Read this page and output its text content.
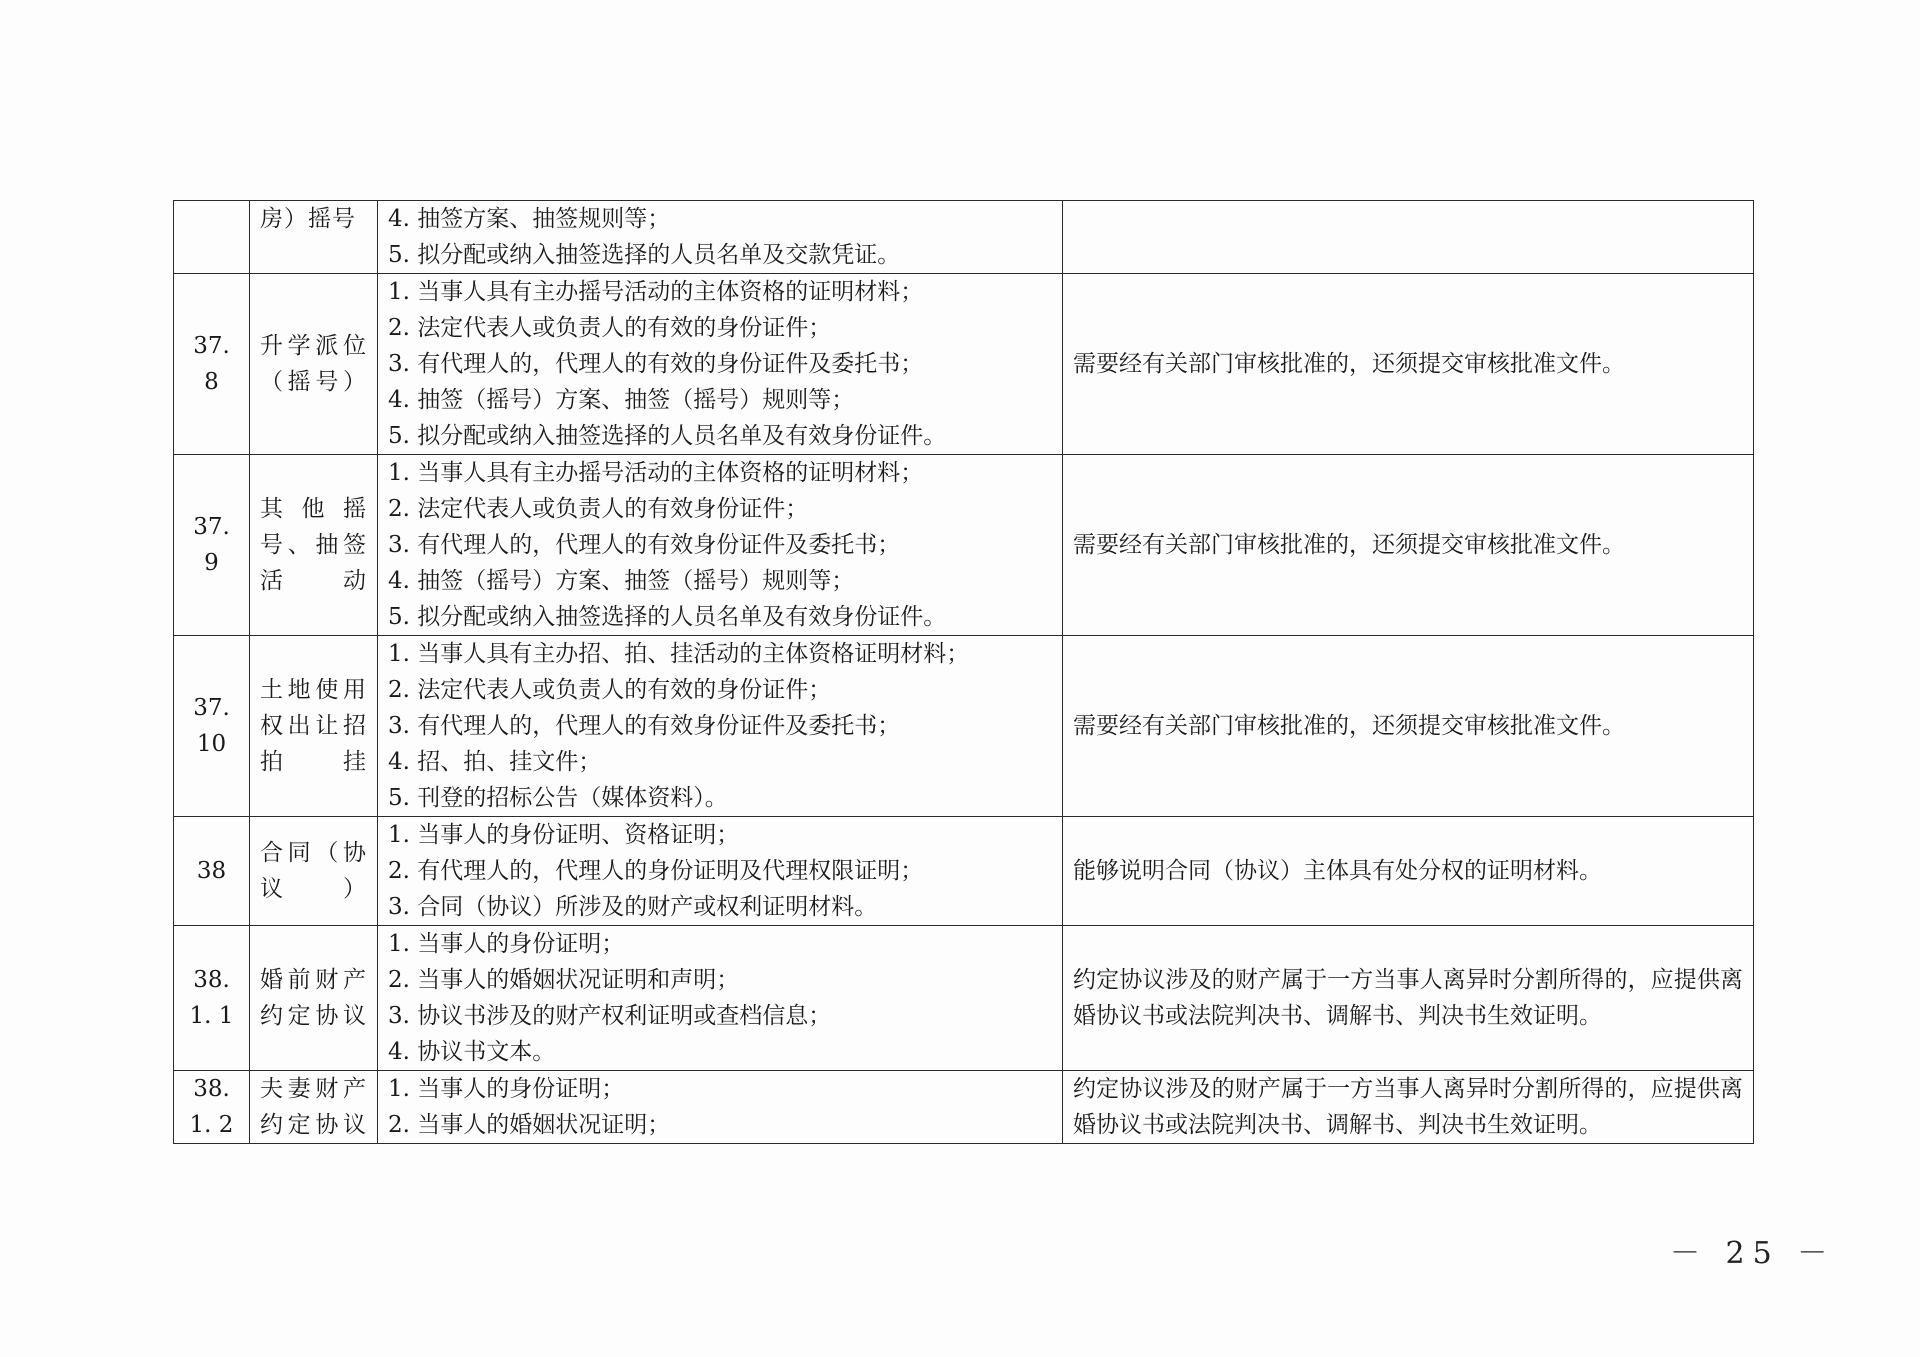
	房）摇号	4. 抽签方案、抽签规则等；
5. 拟分配或纳入抽签选择的人员名单及交款凭证。	

37. 8	升学派位（摇号）	1. 当事人具有主办摇号活动的主体资格的证明材料；
2. 法定代表人或负责人的有效的身份证件；
3. 有代理人的，代理人的有效的身份证件及委托书；
4. 抽签（摇号）方案、抽签（摇号）规则等；
5. 拟分配或纳入抽签选择的人员名单及有效身份证件。	需要经有关部门审核批准的，还须提交审核批准文件。
37. 9	其他摇号、抽签活动	1. 当事人具有主办摇号活动的主体资格的证明材料；
2. 法定代表人或负责人的有效身份证件；
3. 有代理人的，代理人的有效身份证件及委托书；
4. 抽签（摇号）方案、抽签（摇号）规则等；
5. 拟分配或纳入抽签选择的人员名单及有效身份证件。	需要经有关部门审核批准的，还须提交审核批准文件。
37. 10	土地使用权出让招拍挂	1. 当事人具有主办招、拍、挂活动的主体资格证明材料；
2. 法定代表人或负责人的有效的身份证件；
3. 有代理人的，代理人的有效身份证件及委托书；
4. 招、拍、挂文件；
5. 刊登的招标公告（媒体资料）。	需要经有关部门审核批准的，还须提交审核批准文件。
38	合同（协议）	1. 当事人的身份证明、资格证明；
2. 有代理人的，代理人的身份证明及代理权限证明；
3. 合同（协议）所涉及的财产或权利证明材料。	能够说明合同（协议）主体具有处分权的证明材料。
38. 1. 1	婚前财产约定协议	1. 当事人的身份证明；
2. 当事人的婚姻状况证明和声明；
3. 协议书涉及的财产权利证明或查档信息；
4. 协议书文本。	约定协议涉及的财产属于一方当事人离异时分割所得的，应提供离婚协议书或法院判决书、调解书、判决书生效证明。
38. 1. 2	夫妻财产约定协议	1. 当事人的身份证明；
2. 当事人的婚姻状况证明；	约定协议涉及的财产属于一方当事人离异时分割所得的，应提供离婚协议书或法院判决书、调解书、判决书生效证明。
－ 25 －
